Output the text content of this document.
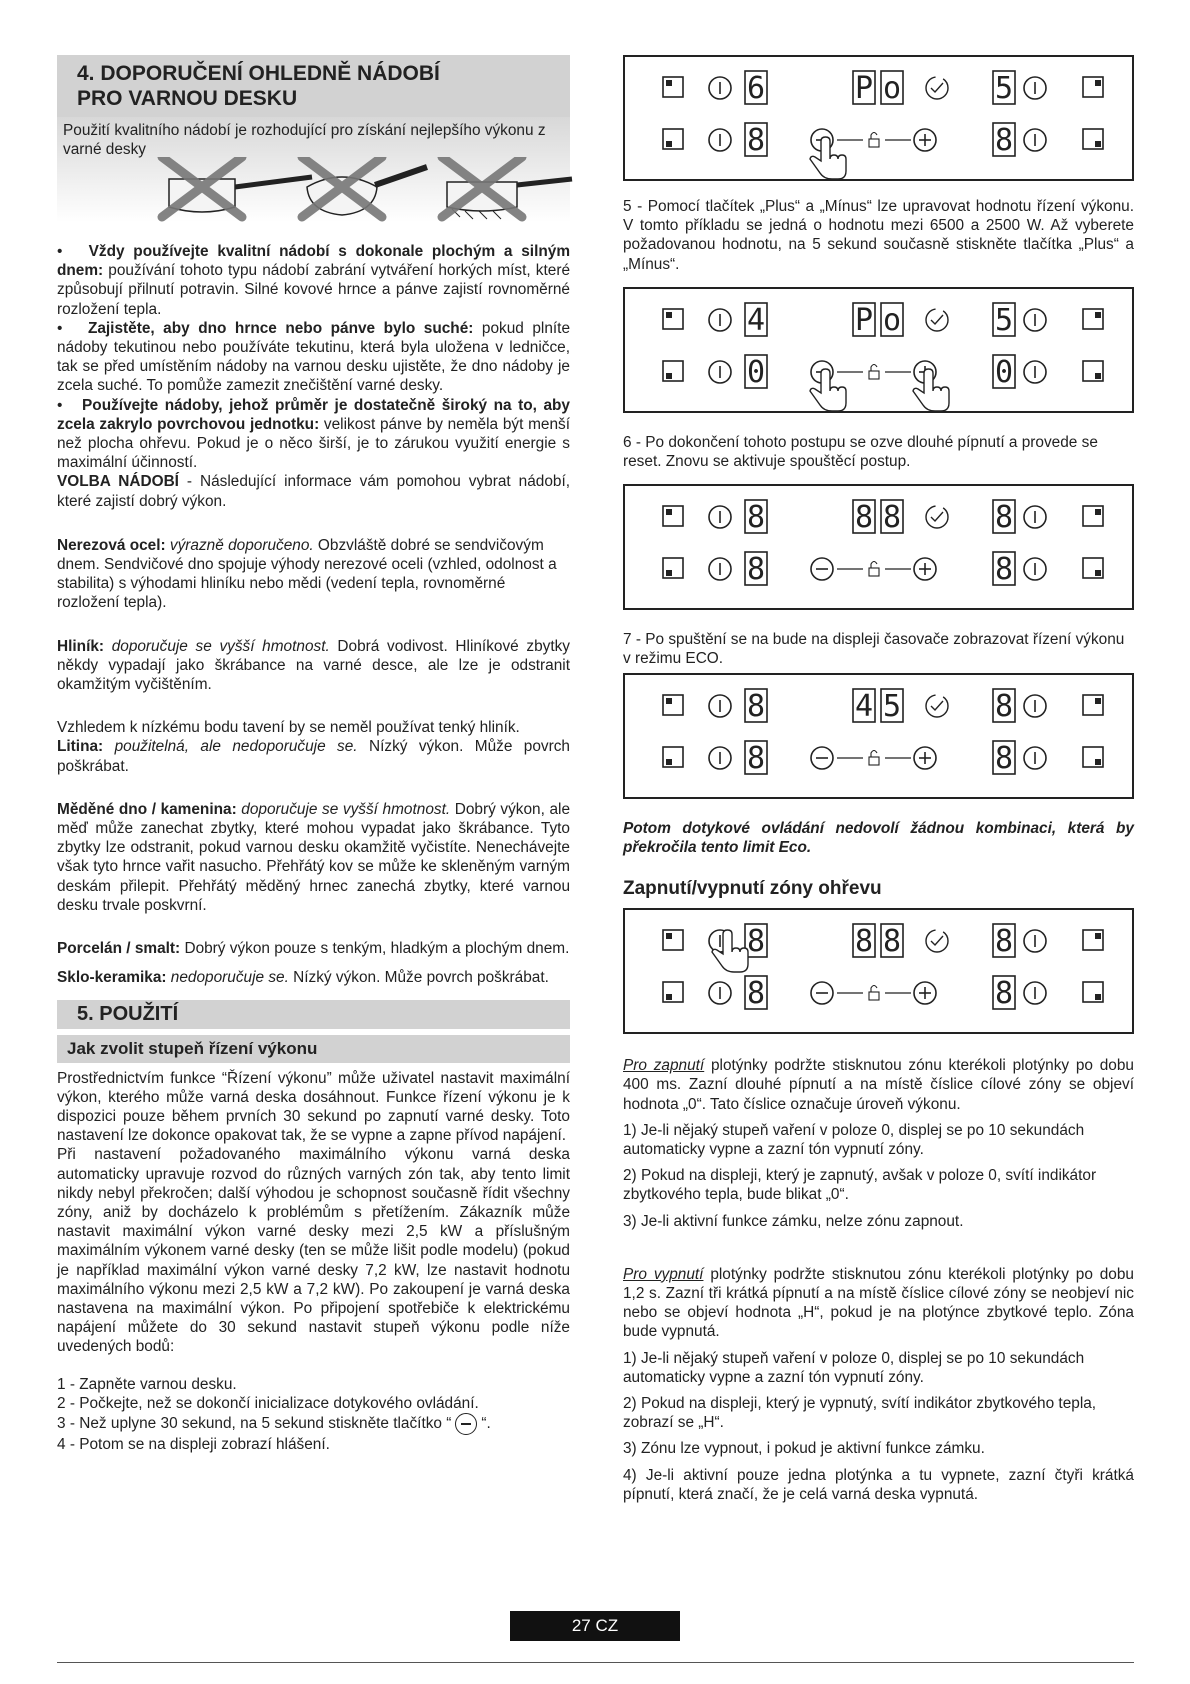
4. DOPORUČENÍ OHLEDNĚ NÁDOBÍ
PRO VARNOU DESKU

Použití kvalitního nádobí je rozhodující pro získání nejlepšího výkonu z varné desky

•   Vždy používejte kvalitní nádobí s dokonale plochým a silným dnem: používání tohoto typu nádobí zabrání vytváření horkých míst, které způsobují přilnutí potravin. Silné kovové hrnce a pánve zajistí rovnoměrné rozložení tepla.

•   Zajistěte, aby dno hrnce nebo pánve bylo suché: pokud plníte nádoby tekutinou nebo používáte tekutinu, která byla uložena v ledničce, tak se před umístěním nádoby na varnou desku ujistěte, že dno nádoby je zcela suché. To pomůže zamezit znečištění varné desky.

•   Používejte nádoby, jehož průměr je dostatečně široký na to, aby zcela zakrylo povrchovou jednotku: velikost pánve by neměla být menší než plocha ohřevu. Pokud je o něco širší, je to zárukou využití energie s maximální účinností.

VOLBA NÁDOBÍ - Následující informace vám pomohou vybrat nádobí, které zajistí dobrý výkon.

Nerezová ocel: výrazně doporučeno. Obzvláště dobré se sendvičovým dnem. Sendvičové dno spojuje výhody nerezové oceli (vzhled, odolnost a stabilita) s výhodami hliníku nebo mědi (vedení tepla, rovnoměrné rozložení tepla).

Hliník: doporučuje se vyšší hmotnost. Dobrá vodivost. Hliníkové zbytky někdy vypadají jako škrábance na varné desce, ale lze je odstranit okamžitým vyčištěním.

Vzhledem k nízkému bodu tavení by se neměl používat tenký hliník.

Litina: použitelná, ale nedoporučuje se. Nízký výkon. Může povrch poškrábat.

Měděné dno / kamenina: doporučuje se vyšší hmotnost. Dobrý výkon, ale měď může zanechat zbytky, které mohou vypadat jako škrábance. Tyto zbytky lze odstranit, pokud varnou desku okamžitě vyčistíte. Nenechávejte však tyto hrnce vařit nasucho. Přehřátý kov se může ke skleněným varným deskám přilepit. Přehřátý měděný hrnec zanechá zbytky, které varnou desku trvale poskvrní.

Porcelán / smalt: Dobrý výkon pouze s tenkým, hladkým a plochým dnem.

Sklo-keramika: nedoporučuje se. Nízký výkon. Může povrch poškrábat.

5. POUŽITÍ
Jak zvolit stupeň řízení výkonu

Prostřednictvím funkce “Řízení výkonu” může uživatel nastavit maximální výkon, kterého může varná deska dosáhnout. Funkce řízení výkonu je k dispozici pouze během prvních 30 sekund po zapnutí varné desky. Toto nastavení lze dokonce opakovat tak, že se vypne a zapne přívod napájení.

Při nastavení požadovaného maximálního výkonu varná deska automaticky upravuje rozvod do různých varných zón tak, aby tento limit nikdy nebyl překročen; další výhodou je schopnost současně řídit všechny zóny, aniž by docházelo k problémům s přetížením. Zákazník může nastavit maximální výkon varné desky mezi 2,5 kW a příslušným maximálním výkonem varné desky (ten se může lišit podle modelu) (pokud je například maximální výkon varné desky 7,2 kW, lze nastavit hodnotu maximálního výkonu mezi 2,5 kW a 7,2 kW). Po zakoupení je varná deska nastavena na maximální výkon. Po připojení spotřebiče k elektrickému napájení můžete do 30 sekund nastavit stupeň výkonu podle níže uvedených bodů:

1 - Zapněte varnou desku.

2 - Počkejte, než se dokončí inicializace dotykového ovládání.

3 - Než uplyne 30 sekund, na 5 sekund stiskněte tlačítko “ “.

4 - Potom se na displeji zobrazí hlášení.

6	5
8	8
P o

5 - Pomocí tlačítek „Plus“ a „Mínus“ lze upravovat hodnotu řízení výkonu. V tomto příkladu se jedná o hodnotu mezi 6500 a 2500 W. Až vyberete požadovanou hodnotu, na 5 sekund současně stiskněte tlačítka „Plus“ a „Mínus“.

4	5
0	0
P o

6 - Po dokončení tohoto postupu se ozve dlouhé pípnutí a provede se reset. Znovu se aktivuje spouštěcí postup.

8	8
8	8
8 8

7 - Po spuštění se na bude na displeji časovače zobrazovat řízení výkonu v režimu ECO.

8	8
8	8
4 5

Potom dotykové ovládání nedovolí žádnou kombinaci, která by překročila tento limit Eco.

Zapnutí/vypnutí zóny ohřevu

8	8
8	8
8 8

Pro zapnutí plotýnky podržte stisknutou zónu kterékoli plotýnky po dobu 400 ms. Zazní dlouhé pípnutí a na místě číslice cílové zóny se objeví hodnota „0“. Tato číslice označuje úroveň výkonu.

1) Je-li nějaký stupeň vaření v poloze 0, displej se po 10 sekundách automaticky vypne a zazní tón vypnutí zóny.

2) Pokud na displeji, který je zapnutý, avšak v poloze 0, svítí indikátor zbytkového tepla, bude blikat „0“.

3) Je-li aktivní funkce zámku, nelze zónu zapnout.

Pro vypnutí plotýnky podržte stisknutou zónu kterékoli plotýnky po dobu 1,2 s. Zazní tři krátká pípnutí a na místě číslice cílové zóny se neobjeví nic nebo se objeví hodnota „H“, pokud je na plotýnce zbytkové teplo. Zóna bude vypnutá.

1) Je-li nějaký stupeň vaření v poloze 0, displej se po 10 sekundách automaticky vypne a zazní tón vypnutí zóny.

2) Pokud na displeji, který je vypnutý, svítí indikátor zbytkového tepla, zobrazí se „H“.

3) Zónu lze vypnout, i pokud je aktivní funkce zámku.

4) Je-li aktivní pouze jedna plotýnka a tu vypnete, zazní čtyři krátká pípnutí, která značí, že je celá varná deska vypnutá.

27 CZ
